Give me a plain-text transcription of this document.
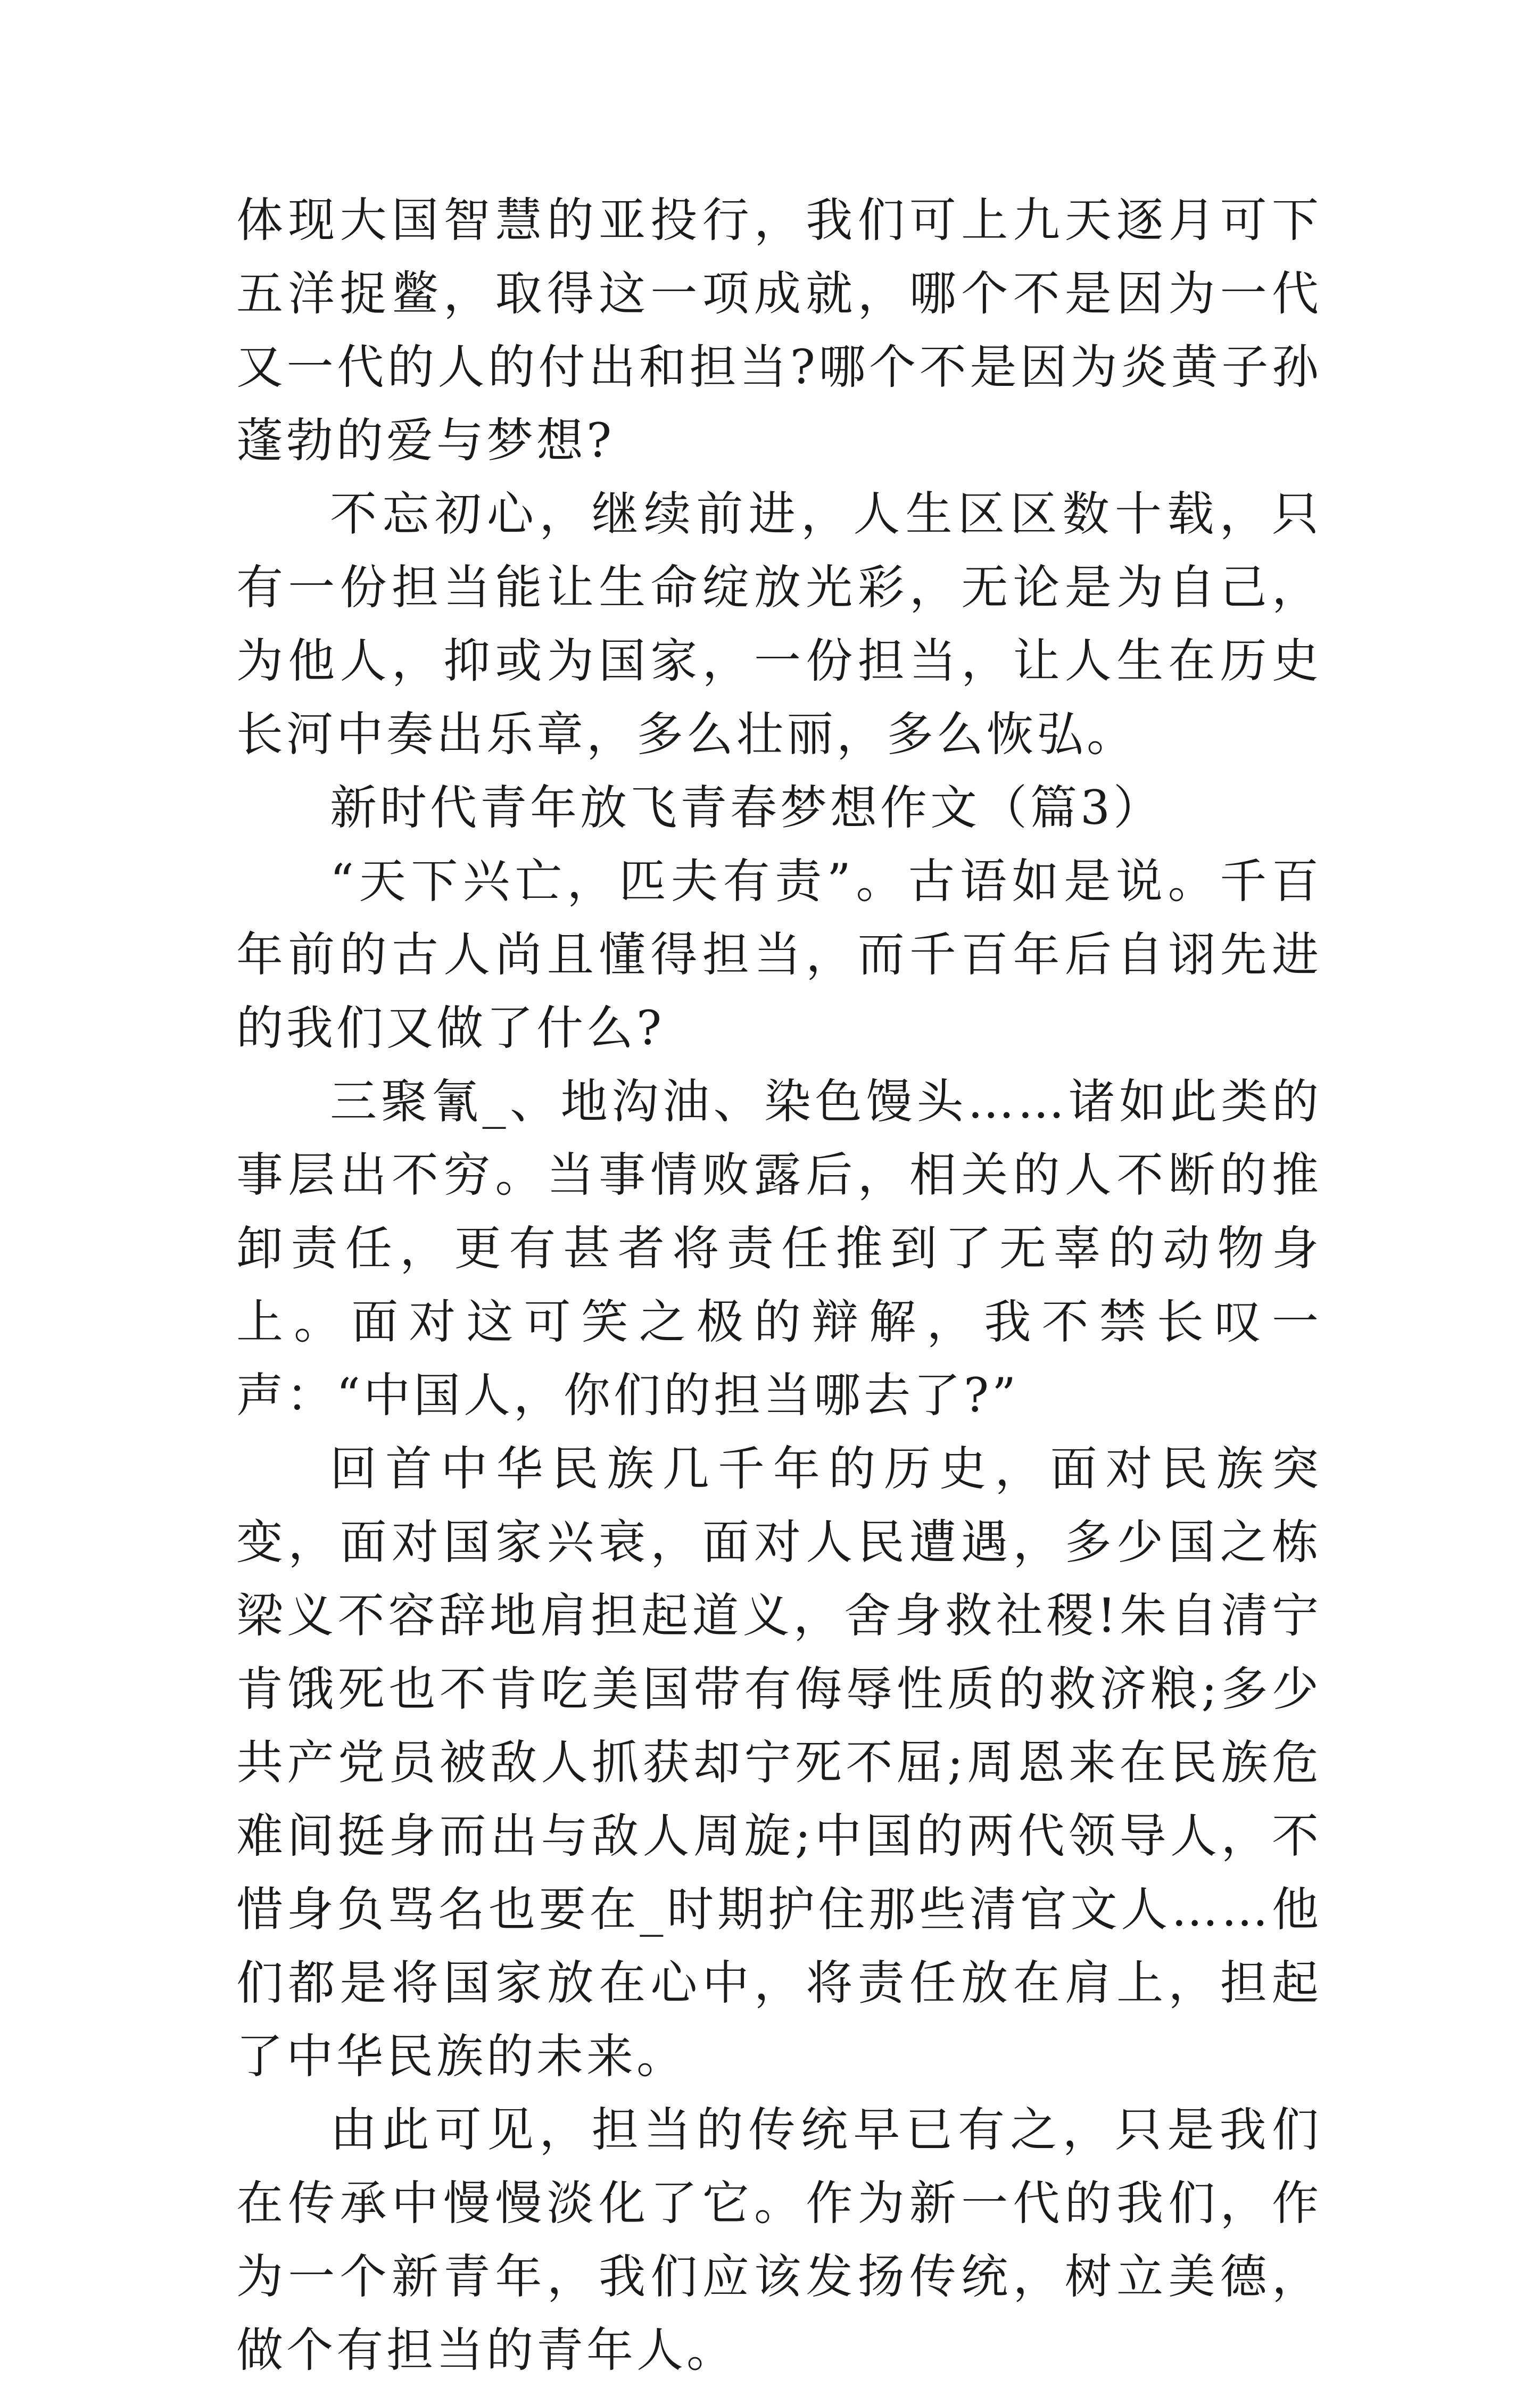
体现大国智慧的亚投行，我们可上九天逐月可下五洋捉鳖，取得这一项成就，哪个不是因为一代又一代的人的付出和担当?哪个不是因为炎黄子孙蓬勃的爱与梦想?

不忘初心，继续前进，人生区区数十载，只有一份担当能让生命绽放光彩，无论是为自己，为他人，抑或为国家，一份担当，让人生在历史长河中奏出乐章，多么壮丽，多么恢弘。

新时代青年放飞青春梦想作文（篇3）

“天下兴亡，匹夫有责”。古语如是说。千百年前的古人尚且懂得担当，而千百年后自诩先进的我们又做了什么?

三聚氰_、地沟油、染色馒头……诸如此类的事层出不穷。当事情败露后，相关的人不断的推卸责任，更有甚者将责任推到了无辜的动物身上。面对这可笑之极的辩解，我不禁长叹一声：“中国人，你们的担当哪去了?”

回首中华民族几千年的历史，面对民族突变，面对国家兴衰，面对人民遭遇，多少国之栋梁义不容辞地肩担起道义，舍身救社稷!朱自清宁肯饿死也不肯吃美国带有侮辱性质的救济粮;多少共产党员被敌人抓获却宁死不屈;周恩来在民族危难间挺身而出与敌人周旋;中国的两代领导人，不惜身负骂名也要在_时期护住那些清官文人……他们都是将国家放在心中，将责任放在肩上，担起了中华民族的未来。

由此可见，担当的传统早已有之，只是我们在传承中慢慢淡化了它。作为新一代的我们，作为一个新青年，我们应该发扬传统，树立美德，做个有担当的青年人。
